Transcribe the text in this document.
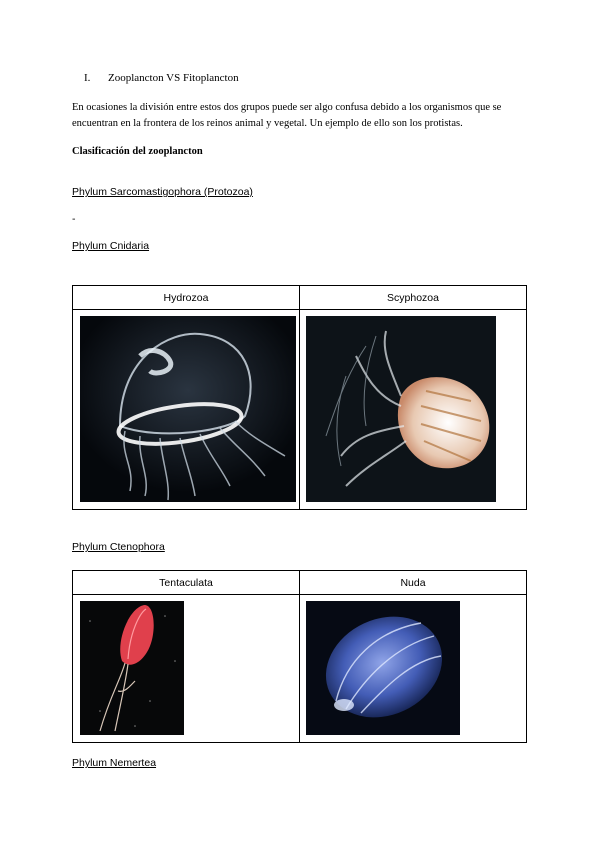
I. Zooplancton VS Fitoplancton
En ocasiones la división entre estos dos grupos puede ser algo confusa debido a los organismos que se encuentran en la frontera de los reinos animal y vegetal. Un ejemplo de ello son los protistas.
Clasificación del zooplancton
Phylum Sarcomastigophora (Protozoa)
-
Phylum Cnidaria
Hydrozoa	Scyphozoa

Phylum Ctenophora
Tentaculata	Nuda

Phylum Nemertea
